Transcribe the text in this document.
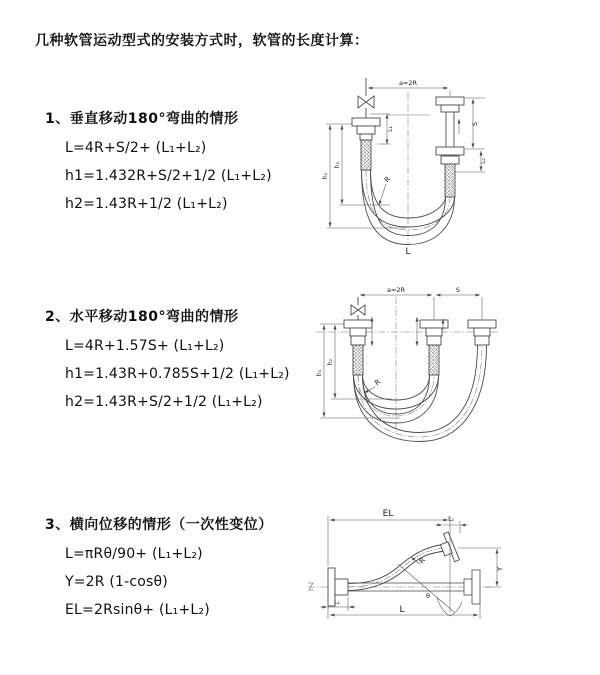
几种软管运动型式的安装方式时，软管的长度计算：
1、垂直移动180°弯曲的情形
L=4R+S/2+ (L₁+L₂)
h1=1.432R+S/2+1/2 (L₁+L₂)
h2=1.43R+1/2 (L₁+L₂)
2、水平移动180°弯曲的情形
L=4R+1.57S+ (L₁+L₂)
h1=1.43R+0.785S+1/2 (L₁+L₂)
h2=1.43R+S/2+1/2 (L₁+L₂)
3、横向位移的情形（一次性变位）
L=πRθ/90+ (L₁+L₂)
Y=2R (1-cosθ)
EL=2Rsinθ+ (L₁+L₂)
a=2R
L₁
S
L₂
h₁
h₂
R
L
a=2R	S
h₁
h₂
R
EL
L₂
Y
L
L₁
R
θ
